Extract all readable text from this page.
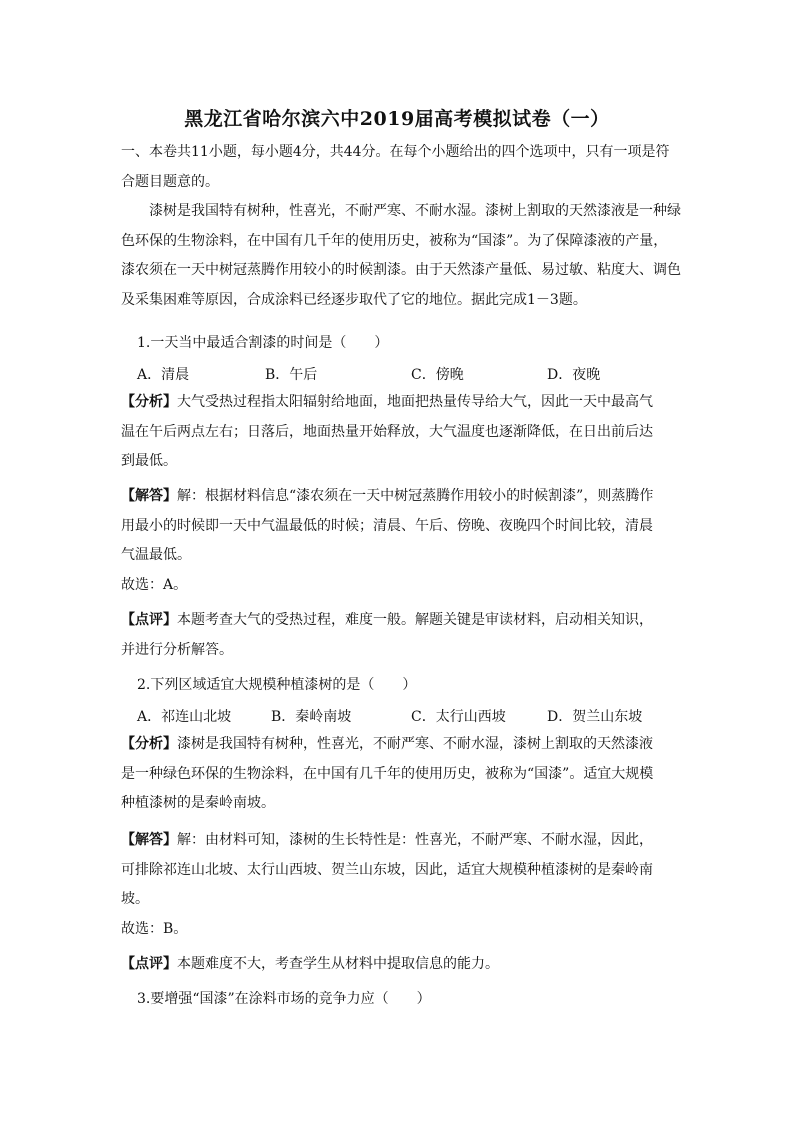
黑龙江省哈尔滨六中2019届高考模拟试卷（一）
一、本卷共11小题，每小题4分，共44分。在每个小题给出的四个选项中，只有一项是符
合题目题意的。
漆树是我国特有树种，性喜光，不耐严寒、不耐水湿。漆树上割取的天然漆液是一种绿
色环保的生物涂料，在中国有几千年的使用历史，被称为“国漆”。为了保障漆液的产量，
漆农须在一天中树冠蒸腾作用较小的时候割漆。由于天然漆产量低、易过敏、粘度大、调色
及采集困难等原因，合成涂料已经逐步取代了它的地位。据此完成1－3题。
1.一天当中最适合割漆的时间是（　　）
A．清晨	B．午后	C．傍晚	D．夜晚
【分析】大气受热过程指太阳辐射给地面，地面把热量传导给大气，因此一天中最高气
温在午后两点左右；日落后，地面热量开始释放，大气温度也逐渐降低，在日出前后达
到最低。
【解答】解：根据材料信息“漆农须在一天中树冠蒸腾作用较小的时候割漆”，则蒸腾作
用最小的时候即一天中气温最低的时候；清晨、午后、傍晚、夜晚四个时间比较，清晨
气温最低。
故选：A。
【点评】本题考查大气的受热过程，难度一般。解题关键是审读材料，启动相关知识，
并进行分析解答。
2.下列区域适宜大规模种植漆树的是（　　）
A．祁连山北坡	B．秦岭南坡	C．太行山西坡	D．贺兰山东坡
【分析】漆树是我国特有树种，性喜光，不耐严寒、不耐水湿，漆树上割取的天然漆液
是一种绿色环保的生物涂料，在中国有几千年的使用历史，被称为“国漆”。适宜大规模
种植漆树的是秦岭南坡。
【解答】解：由材料可知，漆树的生长特性是：性喜光，不耐严寒、不耐水湿，因此，
可排除祁连山北坡、太行山西坡、贺兰山东坡，因此，适宜大规模种植漆树的是秦岭南
坡。
故选：B。
【点评】本题难度不大，考查学生从材料中提取信息的能力。
3.要增强“国漆”在涂料市场的竞争力应（　　）
